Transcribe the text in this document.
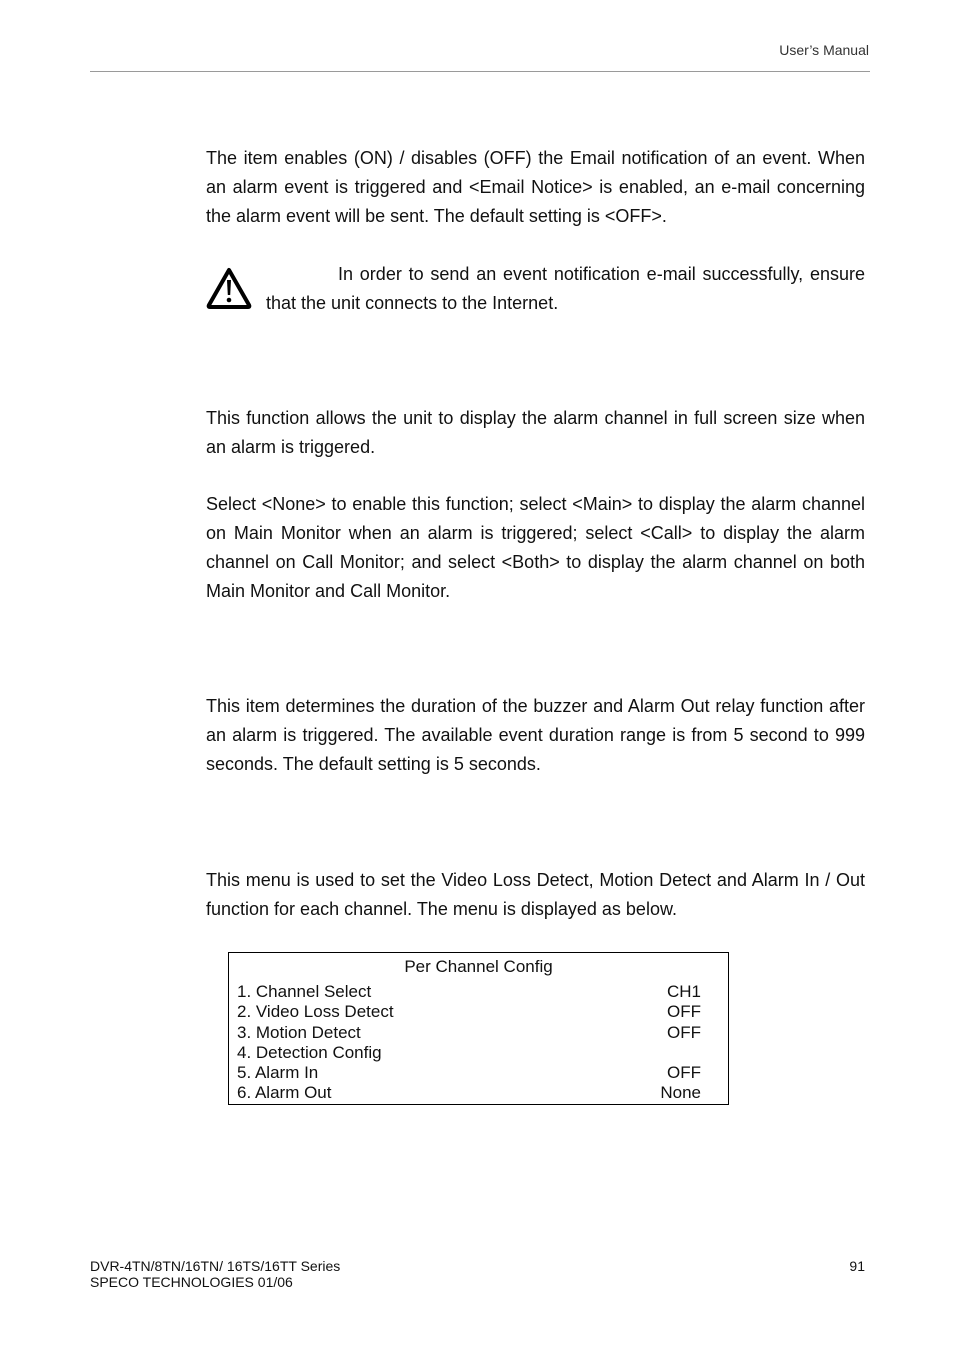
User’s Manual

The item enables (ON) / disables (OFF) the Email notification of an event. When an alarm event is triggered and <Email Notice> is enabled, an e-mail concerning the alarm event will be sent. The default setting is <OFF>.

In order to send an event notification e-mail successfully, ensure that the unit connects to the Internet.

This function allows the unit to display the alarm channel in full screen size when an alarm is triggered.

Select <None> to enable this function; select <Main> to display the alarm channel on Main Monitor when an alarm is triggered; select <Call> to display the alarm channel on Call Monitor; and select <Both> to display the alarm channel on both Main Monitor and Call Monitor.

This item determines the duration of the buzzer and Alarm Out relay function after an alarm is triggered. The available event duration range is from 5 second to 999 seconds. The default setting is 5 seconds.

This menu is used to set the Video Loss Detect, Motion Detect and Alarm In / Out function for each channel. The menu is displayed as below.

Per Channel Config
1. Channel Select	CH1
2. Video Loss Detect	OFF
3. Motion Detect	OFF
4. Detection Config
5. Alarm In	OFF
6. Alarm Out	None
DVR-4TN/8TN/16TN/ 16TS/16TT Series
SPECO TECHNOLOGIES 01/06
91
